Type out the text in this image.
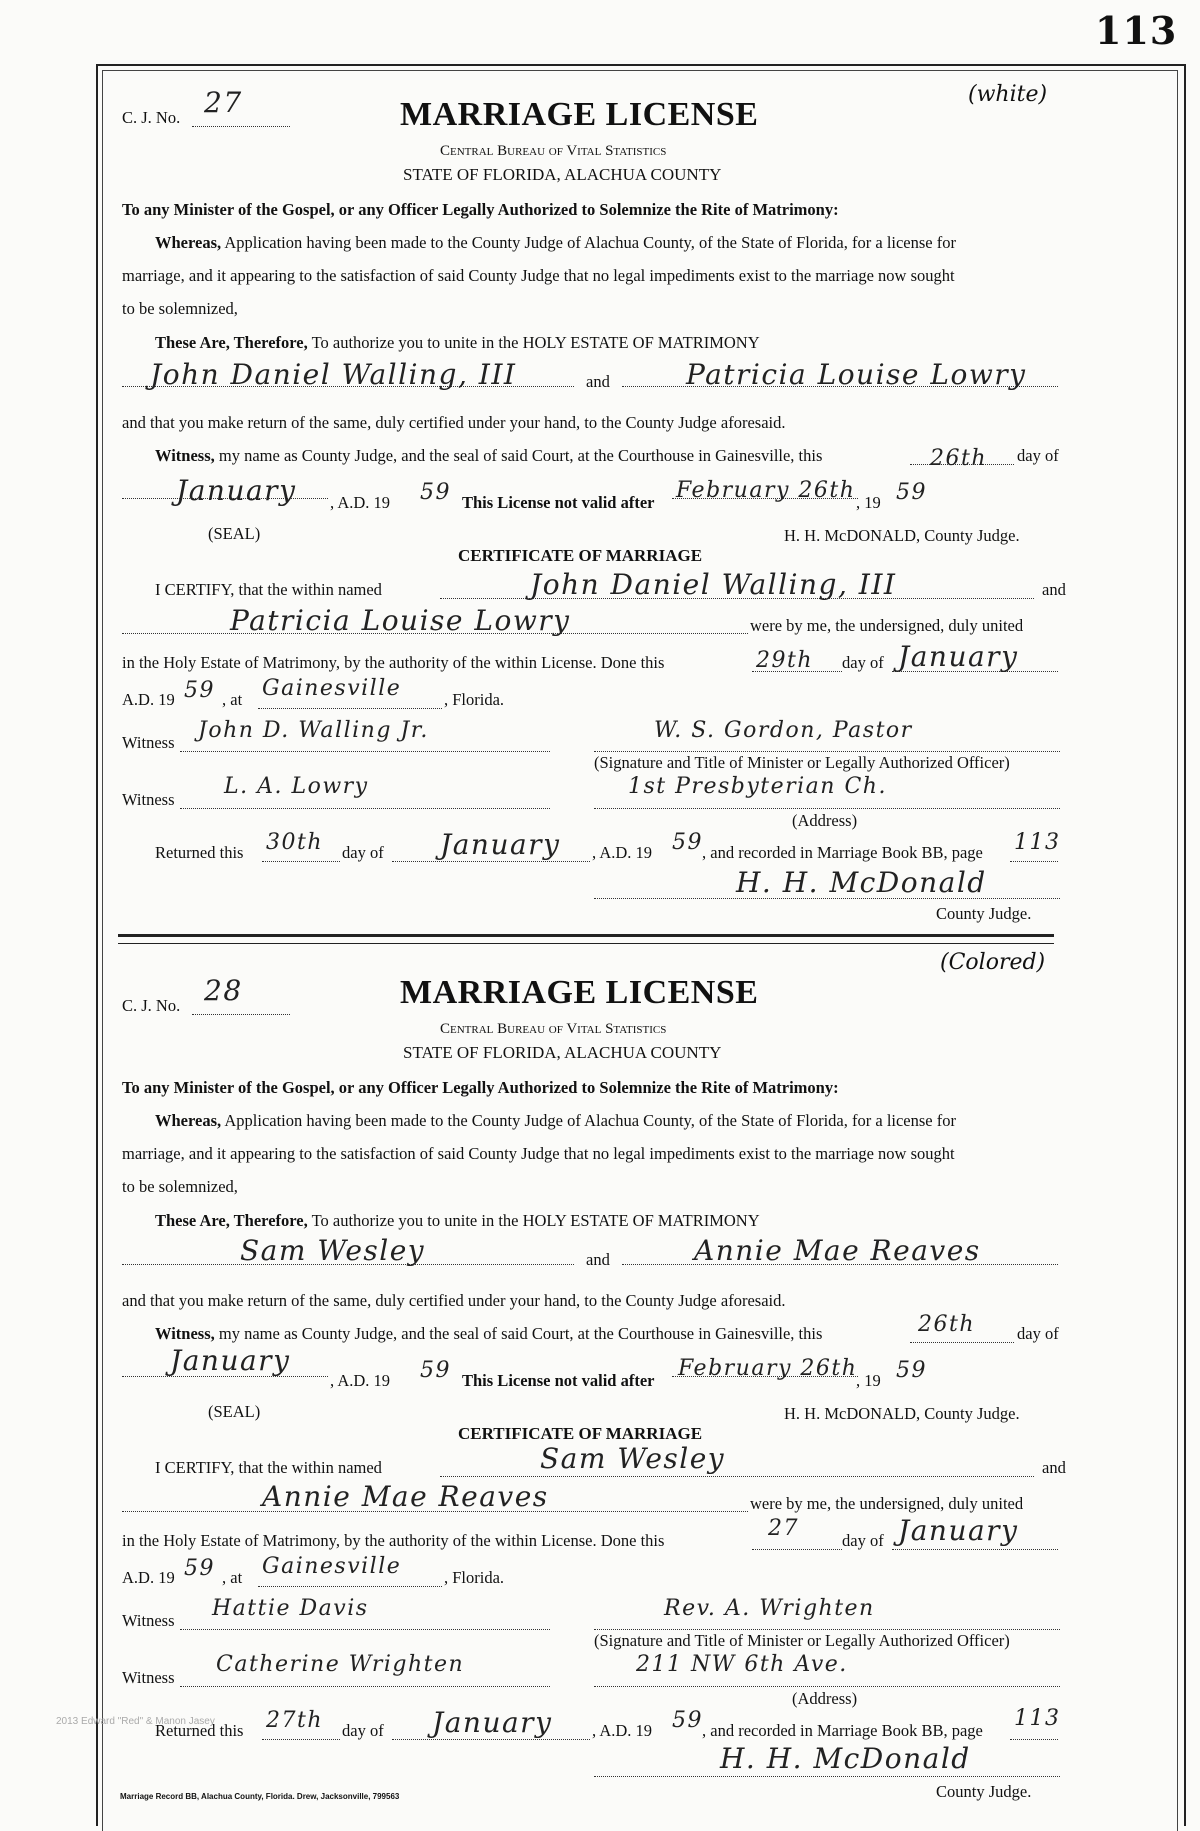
113
C. J. No. 27	MARRIAGE LICENSE
Central Bureau of Vital Statistics
STATE OF FLORIDA, ALACHUA COUNTY
(white)
To any Minister of the Gospel, or any Officer Legally Authorized to Solemnize the Rite of Matrimony:
Whereas, Application having been made to the County Judge of Alachua County, of the State of Florida, for a license for
marriage, and it appearing to the satisfaction of said County Judge that no legal impediments exist to the marriage now sought
to be solemnized,
These Are, Therefore, To authorize you to unite in the HOLY ESTATE OF MATRIMONY
John Daniel Walling, III	and	Patricia Louise Lowry
and that you make return of the same, duly certified under your hand, to the County Judge aforesaid.
Witness, my name as County Judge, and the seal of said Court, at the Courthouse in Gainesville, this	26th day of
January , A.D. 19 59 This License not valid after February 26th , 19 59
(SEAL)	H. H. McDONALD, County Judge.
CERTIFICATE OF MARRIAGE
I CERTIFY, that the within named	John Daniel Walling, III	and
Patricia Louise Lowry	were by me, the undersigned, duly united
in the Holy Estate of Matrimony, by the authority of the within License. Done this	29th day of January
A.D. 19 59 , at Gainesville	, Florida.
Witness John D. Walling Jr.	W. S. Gordon, Pastor
(Signature and Title of Minister or Legally Authorized Officer)
Witness
L. A. Lowry	1st Presbyterian Ch.
(Address)
Returned this 30th day of January , A.D. 19 59 , and recorded in Marriage Book BB, page 113
H. H. McDonald
County Judge.
C. J. No. 28	MARRIAGE LICENSE
Central Bureau of Vital Statistics
STATE OF FLORIDA, ALACHUA COUNTY
(Colored)
To any Minister of the Gospel, or any Officer Legally Authorized to Solemnize the Rite of Matrimony:
Whereas, Application having been made to the County Judge of Alachua County, of the State of Florida, for a license for
marriage, and it appearing to the satisfaction of said County Judge that no legal impediments exist to the marriage now sought
to be solemnized,
These Are, Therefore, To authorize you to unite in the HOLY ESTATE OF MATRIMONY
Sam Wesley	and	Annie Mae Reaves
and that you make return of the same, duly certified under your hand, to the County Judge aforesaid.
Witness, my name as County Judge, and the seal of said Court, at the Courthouse in Gainesville, this	26th	day of
January
, A.D. 19 59 This License not valid after February 26th
, 19 59
(SEAL)	H. H. McDONALD, County Judge.
CERTIFICATE OF MARRIAGE
I CERTIFY, that the within named	Sam Wesley	and
Annie Mae Reaves	were by me, the undersigned, duly united
in the Holy Estate of Matrimony, by the authority of the within License. Done this	27	day of January
A.D. 19 59 , at Gainesville	, Florida.
Witness Hattie Davis	Rev. A. Wrighten
(Signature and Title of Minister or Legally Authorized Officer)
Witness
Catherine Wrighten	211 NW 6th Ave.
(Address)
Returned this 27th day of January , A.D. 19 59 , and recorded in Marriage Book BB, page 113
H. H. McDonald
County Judge.
Marriage Record BB, Alachua County, Florida. Drew, Jacksonville, 799563
2013 Edward "Red" & Manon Jasey
